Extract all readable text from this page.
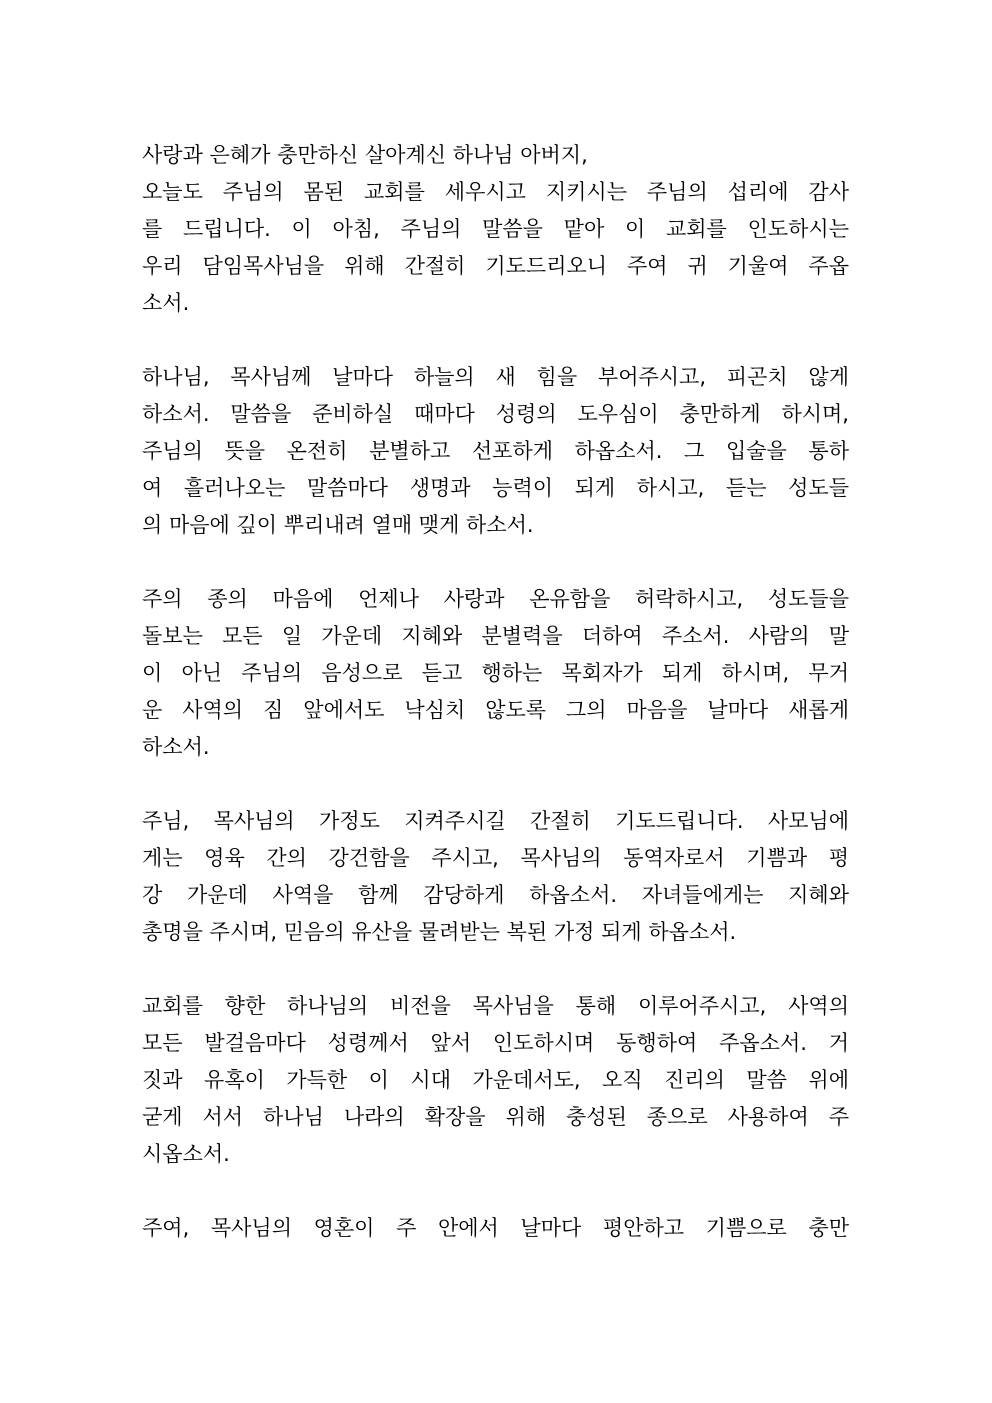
사랑과 은혜가 충만하신 살아계신 하나님 아버지,
오늘도 주님의 몸된 교회를 세우시고 지키시는 주님의 섭리에 감사
를 드립니다. 이 아침, 주님의 말씀을 맡아 이 교회를 인도하시는
우리 담임목사님을 위해 간절히 기도드리오니 주여 귀 기울여 주옵
소서.
하나님, 목사님께 날마다 하늘의 새 힘을 부어주시고, 피곤치 않게
하소서. 말씀을 준비하실 때마다 성령의 도우심이 충만하게 하시며,
주님의 뜻을 온전히 분별하고 선포하게 하옵소서. 그 입술을 통하
여 흘러나오는 말씀마다 생명과 능력이 되게 하시고, 듣는 성도들
의 마음에 깊이 뿌리내려 열매 맺게 하소서.
주의 종의 마음에 언제나 사랑과 온유함을 허락하시고, 성도들을
돌보는 모든 일 가운데 지혜와 분별력을 더하여 주소서. 사람의 말
이 아닌 주님의 음성으로 듣고 행하는 목회자가 되게 하시며, 무거
운 사역의 짐 앞에서도 낙심치 않도록 그의 마음을 날마다 새롭게
하소서.
주님, 목사님의 가정도 지켜주시길 간절히 기도드립니다. 사모님에
게는 영육 간의 강건함을 주시고, 목사님의 동역자로서 기쁨과 평
강 가운데 사역을 함께 감당하게 하옵소서. 자녀들에게는 지혜와
총명을 주시며, 믿음의 유산을 물려받는 복된 가정 되게 하옵소서.
교회를 향한 하나님의 비전을 목사님을 통해 이루어주시고, 사역의
모든 발걸음마다 성령께서 앞서 인도하시며 동행하여 주옵소서. 거
짓과 유혹이 가득한 이 시대 가운데서도, 오직 진리의 말씀 위에
굳게 서서 하나님 나라의 확장을 위해 충성된 종으로 사용하여 주
시옵소서.
주여, 목사님의 영혼이 주 안에서 날마다 평안하고 기쁨으로 충만
